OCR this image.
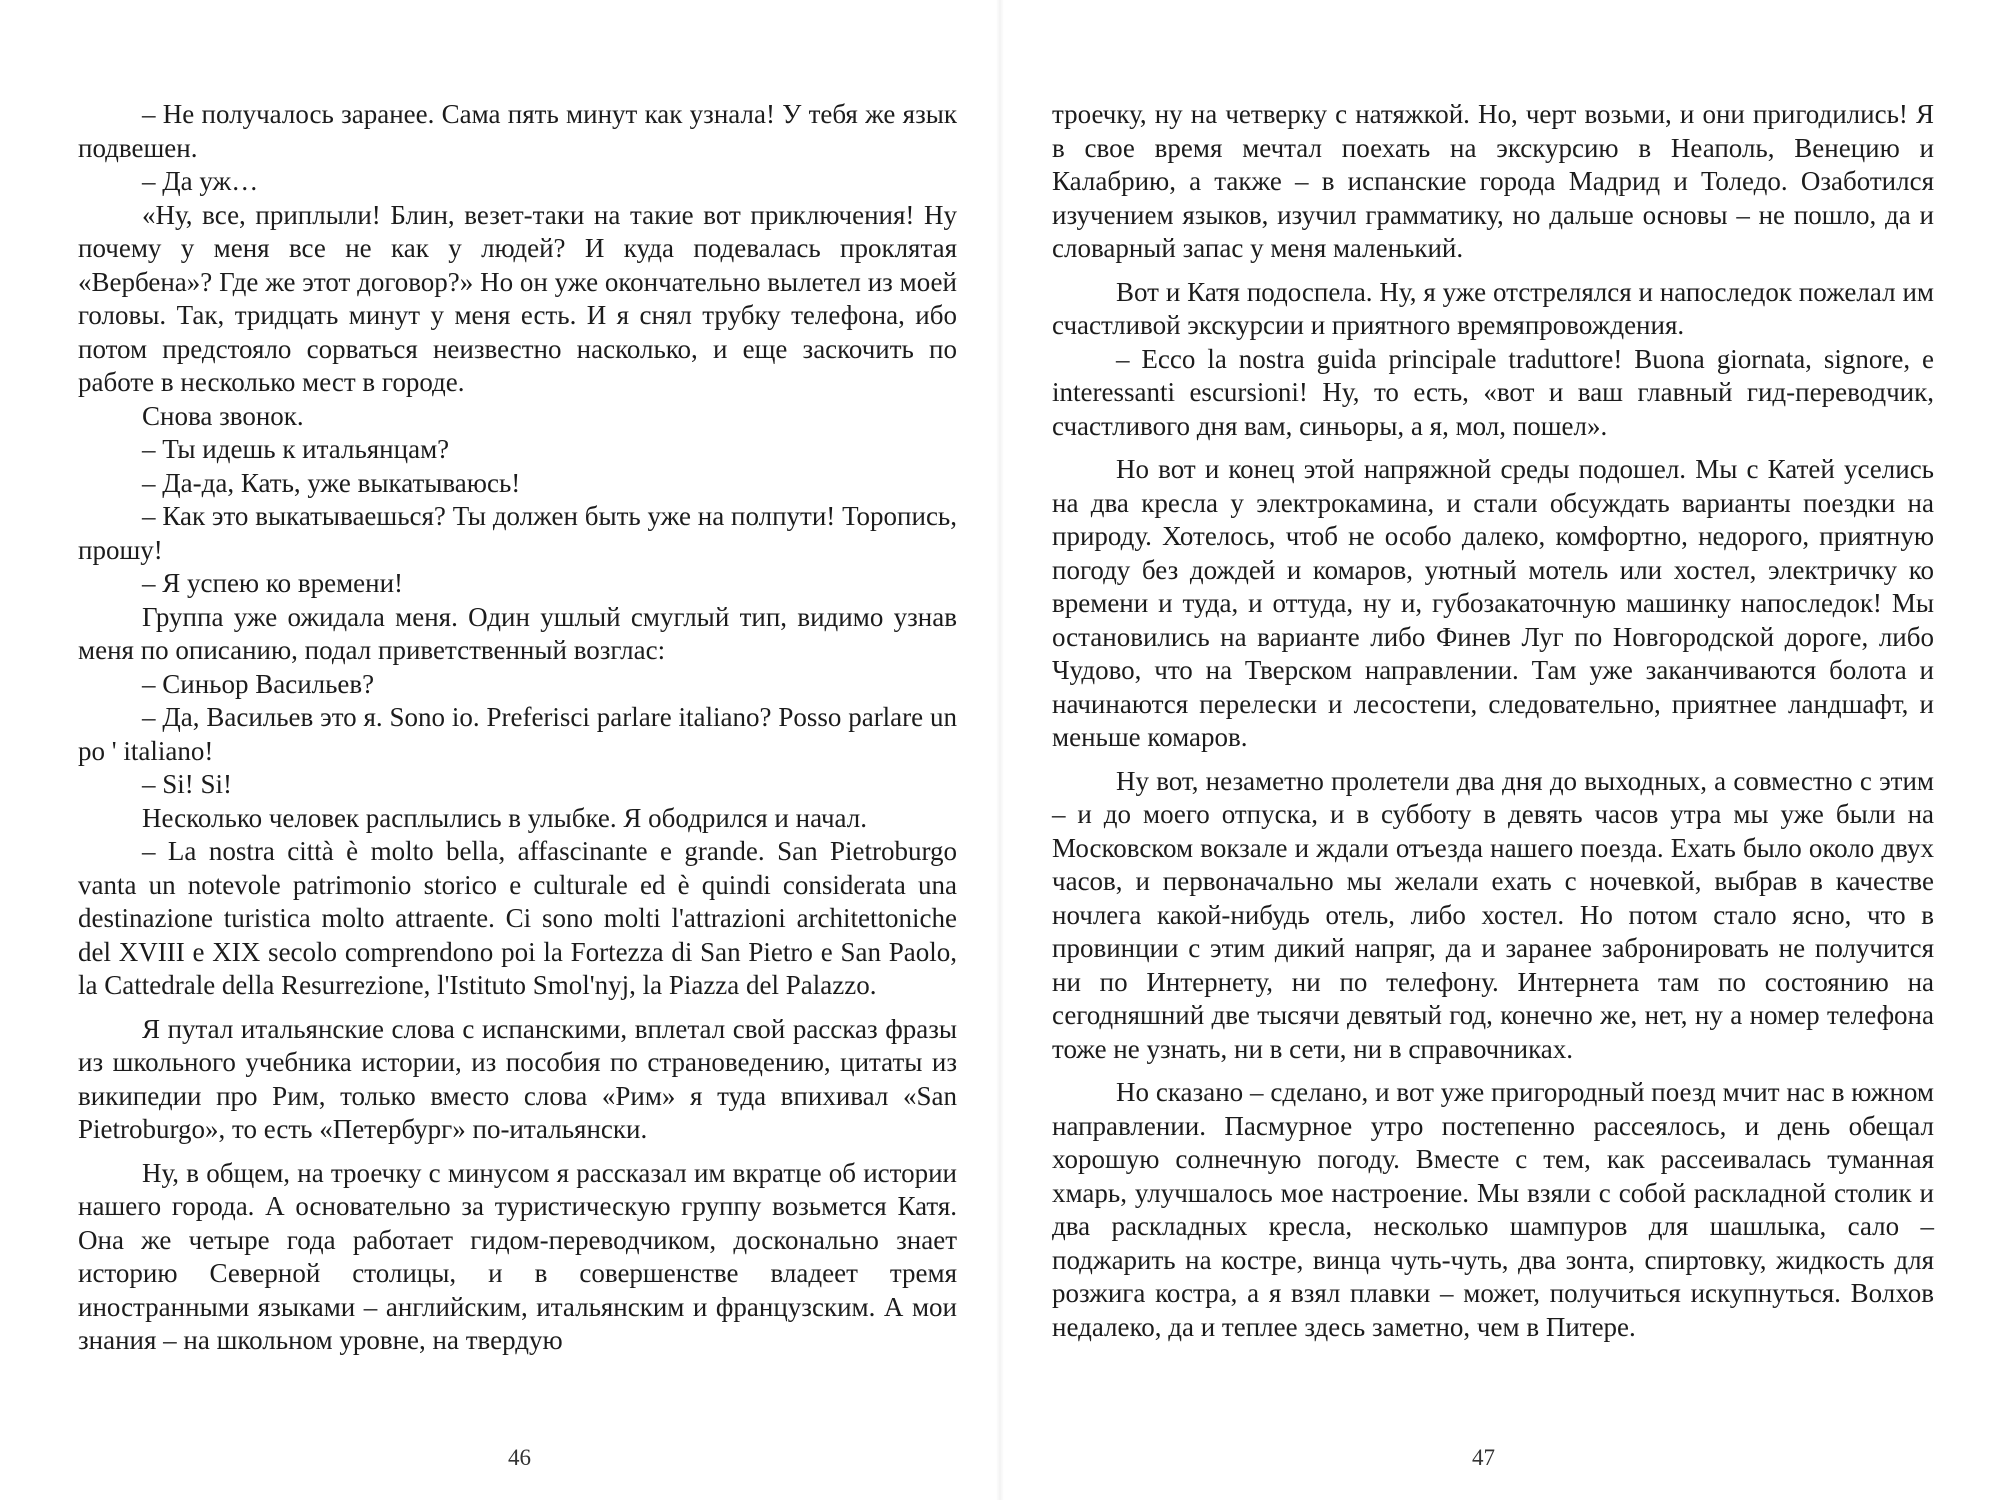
– Не получалось заранее. Сама пять минут как узнала! У тебя же язык подвешен.

– Да уж…

«Ну, все, приплыли! Блин, везет-таки на такие вот приключения! Ну почему у меня все не как у людей? И куда подевалась проклятая «Вербена»? Где же этот договор?» Но он уже окончательно вылетел из моей головы. Так, тридцать минут у меня есть. И я снял трубку телефона, ибо потом предстояло сорваться неизвестно насколько, и еще заскочить по работе в несколько мест в городе.

Снова звонок.

– Ты идешь к итальянцам?

– Да-да, Кать, уже выкатываюсь!

– Как это выкатываешься? Ты должен быть уже на полпути! Торопись, прошу!

– Я успею ко времени!

Группа уже ожидала меня. Один ушлый смуглый тип, видимо узнав меня по описанию, подал приветственный возглас:

– Синьор Васильев?

– Да, Васильев это я. Sono io. Preferisci parlare italiano? Posso parlare un po ' italiano!

– Si! Si!

Несколько человек расплылись в улыбке. Я ободрился и начал.

– La nostra città è molto bella, affascinante e grande. San Pietroburgo vanta un notevole patrimonio storico e culturale ed è quindi considerata una destinazione turistica molto attraente. Ci sono molti l'attrazioni architettoniche del XVIII e XIX secolo comprendono poi la Fortezza di San Pietro e San Paolo, la Cattedrale della Resurrezione, l'Istituto Smol'nyj, la Piazza del Palazzo.

Я путал итальянские слова с испанскими, вплетал свой рассказ фразы из школьного учебника истории, из пособия по страноведению, цитаты из википедии про Рим, только вместо слова «Рим» я туда впихивал «San Pietroburgo», то есть «Петербург» по-итальянски.

Ну, в общем, на троечку с минусом я рассказал им вкратце об истории нашего города. А основательно за туристическую группу возьмется Катя. Она же четыре года работает гидом-переводчиком, досконально знает историю Северной столицы, и в совершенстве владеет тремя иностранными языками – английским, итальянским и французским. А мои знания – на школьном уровне, на твердую

46

троечку, ну на четверку с натяжкой. Но, черт возьми, и они пригодились! Я в свое время мечтал поехать на экскурсию в Неаполь, Венецию и Калабрию, а также – в испанские города Мадрид и Толедо. Озаботился изучением языков, изучил грамматику, но дальше основы – не пошло, да и словарный запас у меня маленький.

Вот и Катя подоспела. Ну, я уже отстрелялся и напоследок пожелал им счастливой экскурсии и приятного времяпровождения.

– Ecco la nostra guida principale traduttore! Buona giornata, signore, e interessanti escursioni! Ну, то есть, «вот и ваш главный гид-переводчик, счастливого дня вам, синьоры, а я, мол, пошел».

Но вот и конец этой напряжной среды подошел. Мы с Катей уселись на два кресла у электрокамина, и стали обсуждать варианты поездки на природу. Хотелось, чтоб не особо далеко, комфортно, недорого, приятную погоду без дождей и комаров, уютный мотель или хостел, электричку ко времени и туда, и оттуда, ну и, губозакаточную машинку напоследок! Мы остановились на варианте либо Финев Луг по Новгородской дороге, либо Чудово, что на Тверском направлении. Там уже заканчиваются болота и начинаются перелески и лесостепи, следовательно, приятнее ландшафт, и меньше комаров.

Ну вот, незаметно пролетели два дня до выходных, а совместно с этим – и до моего отпуска, и в субботу в девять часов утра мы уже были на Московском вокзале и ждали отъезда нашего поезда. Ехать было около двух часов, и первоначально мы желали ехать с ночевкой, выбрав в качестве ночлега какой-нибудь отель, либо хостел. Но потом стало ясно, что в провинции с этим дикий напряг, да и заранее забронировать не получится ни по Интернету, ни по телефону. Интернета там по состоянию на сегодняшний две тысячи девятый год, конечно же, нет, ну а номер телефона тоже не узнать, ни в сети, ни в справочниках.

Но сказано – сделано, и вот уже пригородный поезд мчит нас в южном направлении. Пасмурное утро постепенно рассеялось, и день обещал хорошую солнечную погоду. Вместе с тем, как рассеивалась туманная хмарь, улучшалось мое настроение. Мы взяли с собой раскладной столик и два раскладных кресла, несколько шампуров для шашлыка, сало – поджарить на костре, винца чуть-чуть, два зонта, спиртовку, жидкость для розжига костра, а я взял плавки – может, получиться искупнуться. Волхов недалеко, да и теплее здесь заметно, чем в Питере.

47
